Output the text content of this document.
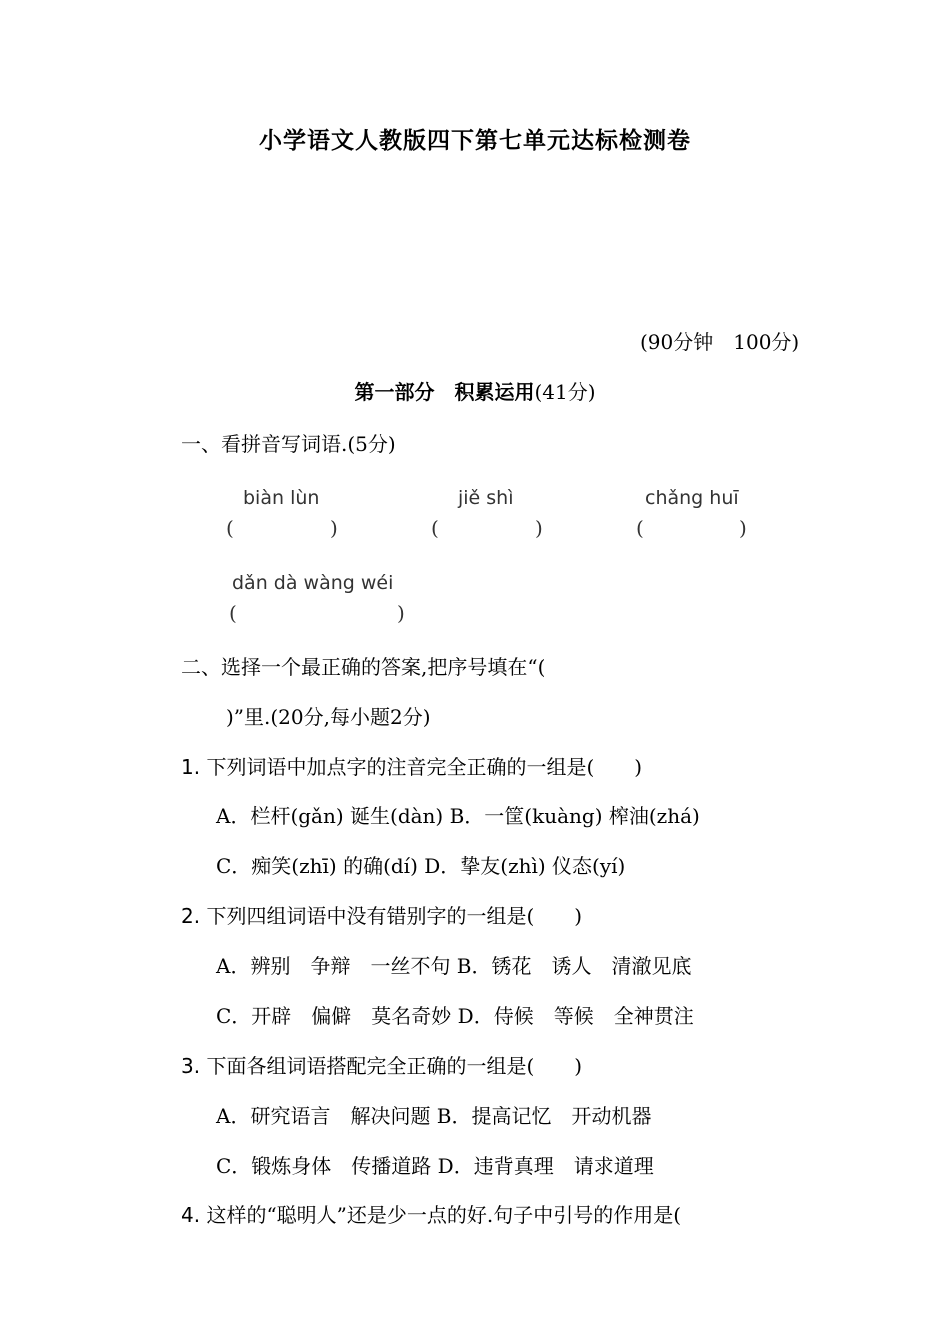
小学语文人教版四下第七单元达标检测卷
(90分钟　100分)
第一部分　积累运用(41分)
一、看拼音写词语.(5分)
biàn lùn
(	)
jiě shì
(	)
chǎng huī
(	)
dǎn dà wàng wéi
(	)
二、选择一个最正确的答案,把序号填在“(
)”里.(20分,每小题2分)
1. 下列词语中加点字的注音完全正确的一组是(　　)
A．栏杆(gǎn) 诞生(dàn) B．一筐(kuàng) 榨油(zhá)
C．痴笑(zhī) 的确(dí) D．挚友(zhì) 仪态(yí)
2. 下列四组词语中没有错别字的一组是(　　)
A．辨别　争辩　一丝不句 B．锈花　诱人　清澈见底
C．开辟　偏僻　莫名奇妙 D．侍候　等候　全神贯注
3. 下面各组词语搭配完全正确的一组是(　　)
A．研究语言　解决问题 B．提高记忆　开动机器
C．锻炼身体　传播道路 D．违背真理　请求道理
4. 这样的“聪明人”还是少一点的好.句子中引号的作用是(
